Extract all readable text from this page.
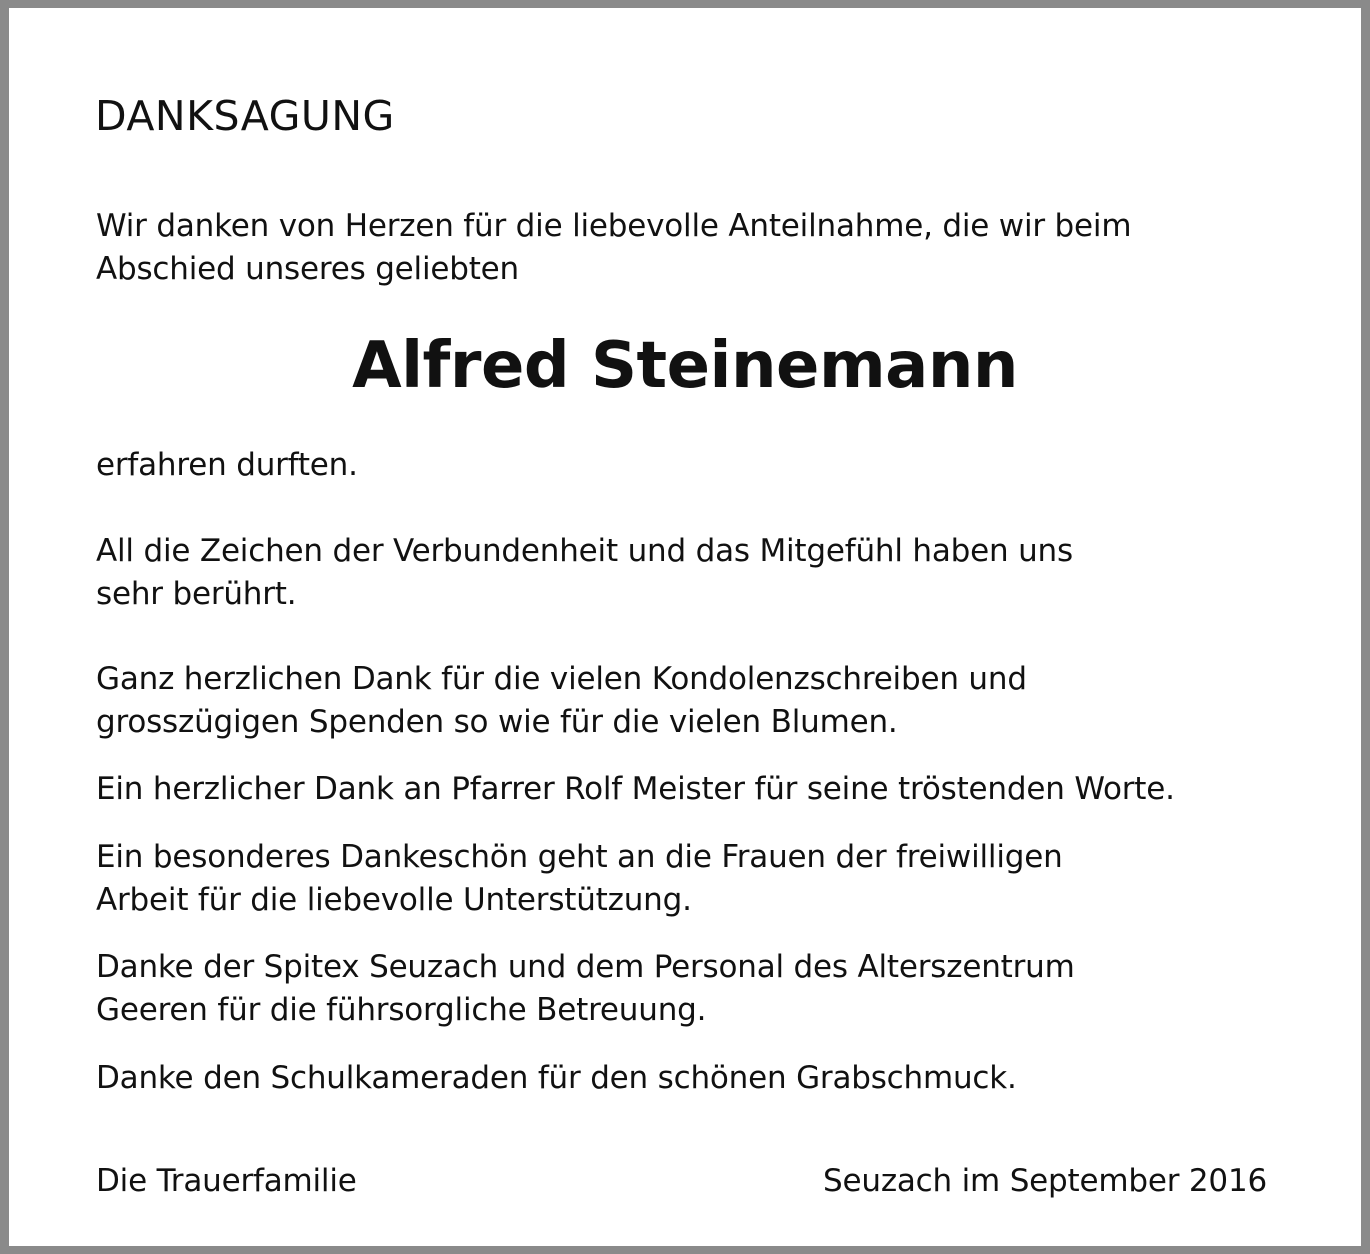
DANKSAGUNG
Wir danken von Herzen für die liebevolle Anteilnahme, die wir beim
Abschied unseres geliebten
Alfred Steinemann
erfahren durften.
All die Zeichen der Verbundenheit und das Mitgefühl haben uns
sehr berührt.
Ganz herzlichen Dank für die vielen Kondolenzschreiben und
grosszügigen Spenden so wie für die vielen Blumen.
Ein herzlicher Dank an Pfarrer Rolf Meister für seine tröstenden Worte.
Ein besonderes Dankeschön geht an die Frauen der freiwilligen
Arbeit für die liebevolle Unterstützung.
Danke der Spitex Seuzach und dem Personal des Alterszentrum
Geeren für die führsorgliche Betreuung.
Danke den Schulkameraden für den schönen Grabschmuck.
Die Trauerfamilie	Seuzach im September 2016
